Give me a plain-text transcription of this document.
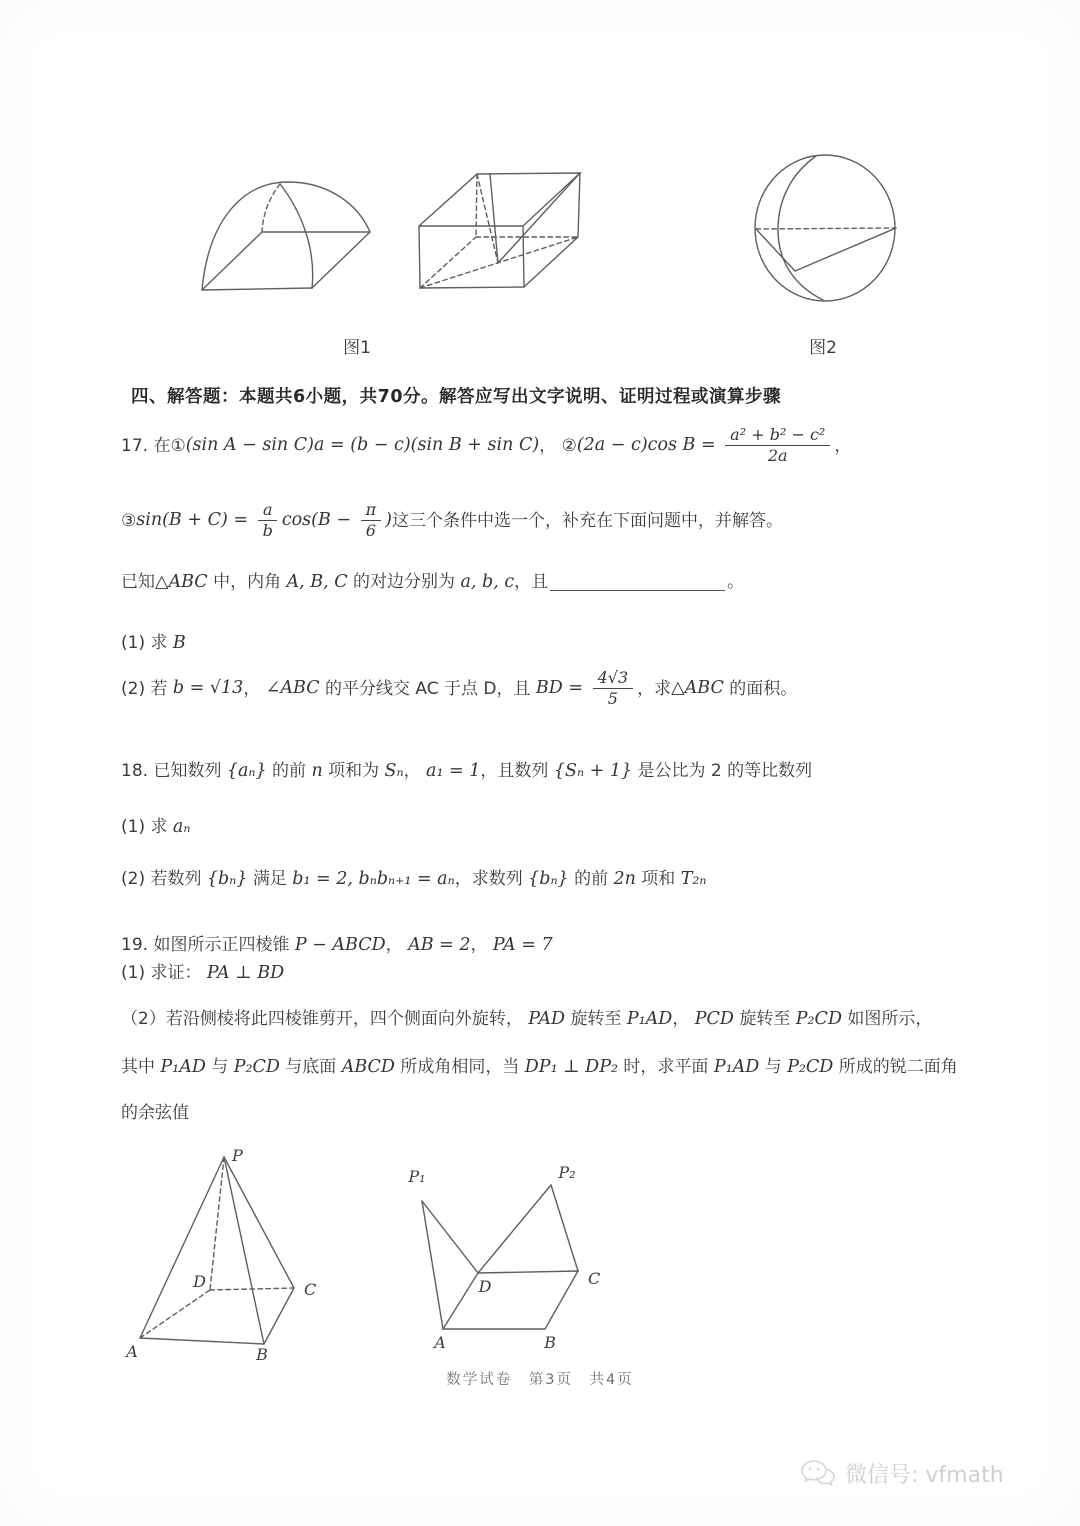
图1	图2
四、解答题：本题共6小题，共70分。解答应写出文字说明、证明过程或演算步骤
17. 在① (sin A − sin C)a = (b − c)(sin B + sin C) ， ② (2a − c)cos $B = \frac{\text{a² + b² − c²}}{2a}$ ，
③ $\sin(B + C) = \frac{a}{b} \cos(B - \frac{\pi}{6}$ ) 这三个条件中选一个，补充在下面问题中，并解答。
已知 △ABC 中，内角 A, B, C 的对边分别为 a, b, c ，且	。
(1) 求 B
(2) 若 b = √13 ， ∠ABC 的平分线交 AC 于点 D，且 BD = $\frac{4√3}{5}$ ，求 △ABC 的面积。
18. 已知数列 {aₙ} 的前 n 项和为 Sₙ ， a₁ = 1 ，且数列 {Sₙ + 1} 是公比为 2 的等比数列
(1) 求 aₙ
(2) 若数列 {bₙ} 满足 b₁ = 2, bₙbₙ₊₁ = aₙ ，求数列 {bₙ} 的前 2n 项和 T₂ₙ
19. 如图所示正四棱锥 P − ABCD ， AB = 2 ， PA = 7
(1) 求证： PA ⊥ BD
（2）若沿侧棱将此四棱锥剪开，四个侧面向外旋转， PAD 旋转至 P₁AD ， PCD 旋转至 P₂CD 如图所示，
其中 P₁AD 与 P₂CD 与底面 ABCD 所成角相同，当 DP₁ ⊥ DP₂ 时，求平面 P₁AD 与 P₂CD 所成的锐二面角
的余弦值
P
A	B
C
D
P₁	P₂
A	B
C
D
数学试卷　第3页　共4页
微信号: vfmath
